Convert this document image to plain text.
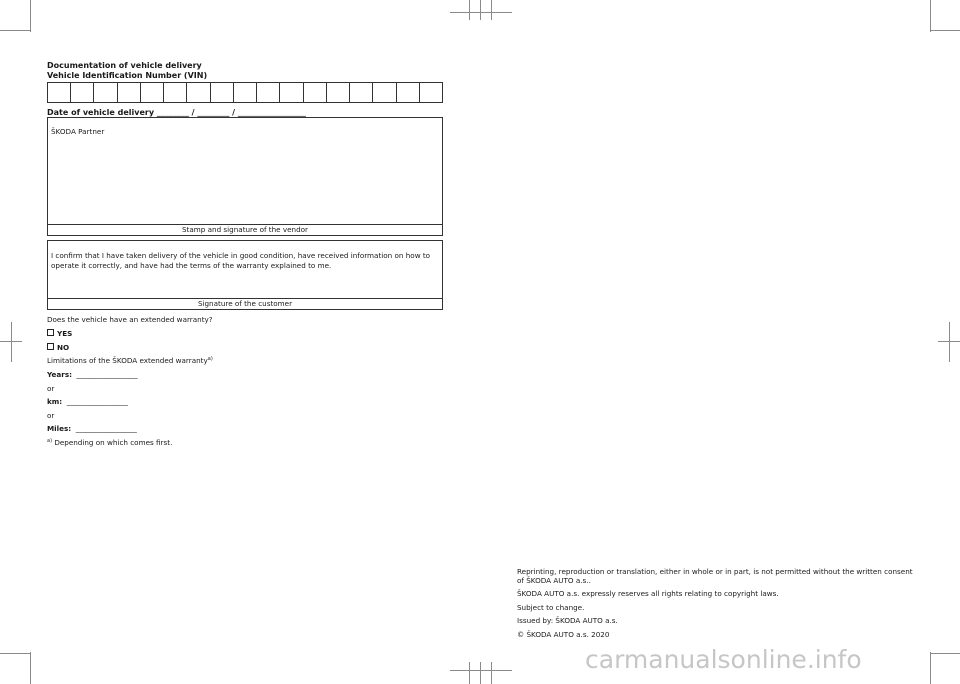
Documentation of vehicle delivery
Vehicle Identification Number (VIN)
Date of vehicle delivery ________ / ________ / _________________
ŠKODA Partner
Stamp and signature of the vendor
I confirm that I have taken delivery of the vehicle in good condition, have received information on how to operate it correctly, and have had the terms of the warranty explained to me.
Signature of the customer
Does the vehicle have an extended warranty?
YES
NO
Limitations of the ŠKODA extended warranty$^{a)}$
Years: _________________
or
km: _________________
or
Miles: _________________
$^{a)}$ Depending on which comes first.
Reprinting, reproduction or translation, either in whole or in part, is not permitted without the written consent of ŠKODA AUTO a.s..
ŠKODA AUTO a.s. expressly reserves all rights relating to copyright laws.
Subject to change.
Issued by: ŠKODA AUTO a.s.
© ŠKODA AUTO a.s. 2020
carmanualsonline.info
